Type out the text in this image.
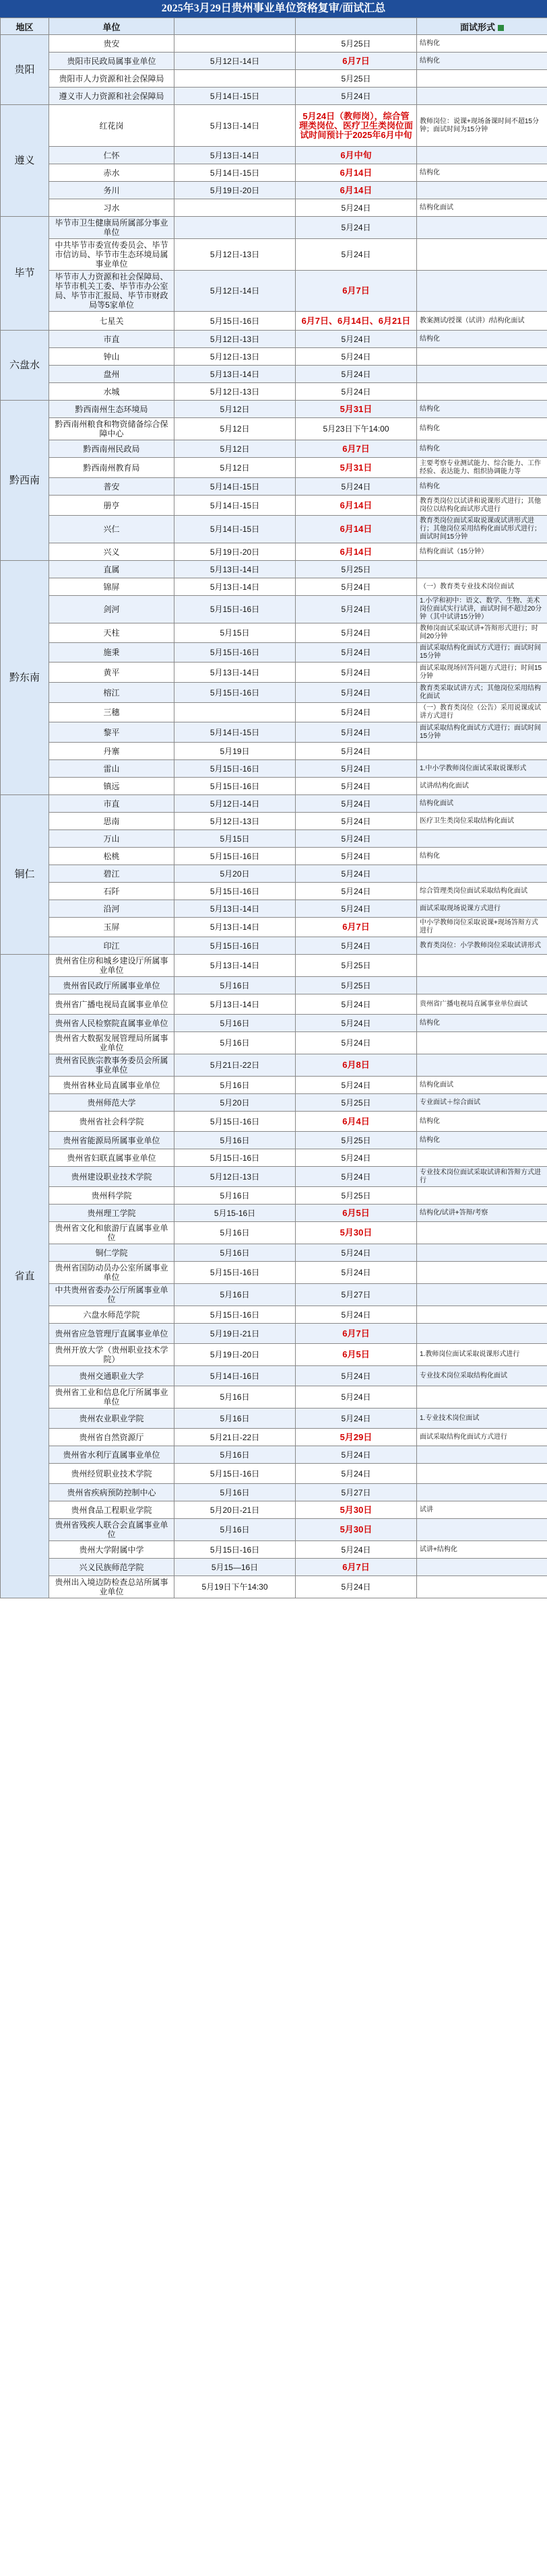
2025年3月29日贵州事业单位资格复审/面试汇总
地区	单位			面试形式
贵阳	贵安		5月25日	结构化
	贵阳市民政局属事业单位	5月12日-14日	6月7日	结构化
	贵阳市人力资源和社会保障局		5月25日	
	遵义市人力资源和社会保障局	5月14日-15日	5月24日	
遵义	红花岗	5月13日-14日	5月24日（教师岗），综合管理类岗位、医疗卫生类岗位面试时间预计于2025年6月中旬	教师岗位：说课+现场备课时间不超15分钟；面试时间为15分钟
	仁怀	5月13日-14日	6月中旬	
	赤水	5月14日-15日	6月14日	结构化
	务川	5月19日-20日	6月14日	
	习水		5月24日	结构化面试
毕节	毕节市卫生健康局所属部分事业单位		5月24日	
	中共毕节市委宣传委员会、毕节市信访局、毕节市生态环境局属事业单位	5月12日-13日	5月24日	
	毕节市人力资源和社会保障局、毕节市机关工委、毕节市办公室局、毕节市汇报局、毕节市财政局等5家单位	5月12日-14日	6月7日	
	七星关	5月15日-16日	6月7日、6月14日、6月21日	教案测试/授课（试讲）/结构化面试
六盘水	市直	5月12日-13日	5月24日	结构化
	钟山	5月12日-13日	5月24日	
	盘州	5月13日-14日	5月24日	
	水城	5月12日-13日	5月24日	
黔西南	黔西南州生态环境局	5月12日	5月31日	结构化
	黔西南州粮食和物资储备综合保障中心	5月12日	5月23日下午14:00	结构化
	黔西南州民政局	5月12日	6月7日	结构化
	黔西南州教育局	5月12日	5月31日	主要考察专业测试能力、综合能力、工作经验、表达能力、组织协调能力等
	普安	5月14日-15日	5月24日	结构化
	册亨	5月14日-15日	6月14日	教育类岗位以试讲和说课形式进行；其他岗位以结构化面试形式进行
	兴仁	5月14日-15日	6月14日	教育类岗位面试采取说课或试讲形式进行；其他岗位采用结构化面试形式进行；面试时间15分钟
	兴义	5月19日-20日	6月14日	结构化面试（15分钟）
黔东南	直属	5月13日-14日	5月25日	
	锦屏	5月13日-14日	5月24日	（一）教育类专业技术岗位面试
	剑河	5月15日-16日	5月24日	1.小学和初中：语文、数学、生物、美术岗位面试实行试讲，面试时间不超过20分钟（其中试讲15分钟）
	天柱	5月15日	5月24日	教师岗面试采取试讲+答辩形式进行；时间20分钟
	施秉	5月15日-16日	5月24日	面试采取结构化面试方式进行；面试时间15分钟
	黄平	5月13日-14日	5月24日	面试采取现场回答问题方式进行；时间15分钟
	榕江	5月15日-16日	5月24日	教育类采取试讲方式；其他岗位采用结构化面试
	三穗		5月24日	（一）教育类岗位（公告）采用说课或试讲方式进行
	黎平	5月14日-15日	5月24日	面试采取结构化面试方式进行；面试时间15分钟
	丹寨	5月19日	5月24日	
	雷山	5月15日-16日	5月24日	1.中小学教师岗位面试采取说课形式
	镇远	5月15日-16日	5月24日	试讲/结构化面试
铜仁	市直	5月12日-14日	5月24日	结构化面试
	思南	5月12日-13日	5月24日	医疗卫生类岗位采取结构化面试
	万山	5月15日	5月24日	
	松桃	5月15日-16日	5月24日	结构化
	碧江	5月20日	5月24日	
	石阡	5月15日-16日	5月24日	综合管理类岗位面试采取结构化面试
	沿河	5月13日-14日	5月24日	面试采取现场说课方式进行
	玉屏	5月13日-14日	6月7日	中小学教师岗位采取说课+现场答辩方式进行
	印江	5月15日-16日	5月24日	教育类岗位：小学教师岗位采取试讲形式
省直	贵州省住房和城乡建设厅所属事业单位	5月13日-14日	5月25日	
	贵州省民政厅所属事业单位	5月16日	5月25日	
	贵州省广播电视局直属事业单位	5月13日-14日	5月24日	贵州省广播电视局直属事业单位面试
	贵州省人民检察院直属事业单位	5月16日	5月24日	结构化
	贵州省大数据发展管理局所属事业单位	5月16日	5月24日	
	贵州省民族宗教事务委员会所属事业单位	5月21日-22日	6月8日	
	贵州省林业局直属事业单位	5月16日	5月24日	结构化面试
	贵州师范大学	5月20日	5月25日	专业面试＋综合面试
	贵州省社会科学院	5月15日-16日	6月4日	结构化
	贵州省能源局所属事业单位	5月16日	5月25日	结构化
	贵州省妇联直属事业单位	5月15日-16日	5月24日	
	贵州建设职业技术学院	5月12日-13日	5月24日	专业技术岗位面试采取试讲和答辩方式进行
	贵州科学院	5月16日	5月25日	
	贵州理工学院	5月15-16日	6月5日	结构化/试讲+答辩/考察
	贵州省文化和旅游厅直属事业单位	5月16日	5月30日	
	铜仁学院	5月16日	5月24日	
	贵州省国防动员办公室所属事业单位	5月15日-16日	5月24日	
	中共贵州省委办公厅所属事业单位	5月16日	5月27日	
	六盘水师范学院	5月15日-16日	5月24日	
	贵州省应急管理厅直属事业单位	5月19日-21日	6月7日	
	贵州开放大学（贵州职业技术学院）	5月19日-20日	6月5日	1.教师岗位面试采取说课形式进行
	贵州交通职业大学	5月14日-16日	5月24日	专业技术岗位采取结构化面试
	贵州省工业和信息化厅所属事业单位	5月16日	5月24日	
	贵州农业职业学院	5月16日	5月24日	1.专业技术岗位面试
	贵州省自然资源厅	5月21日-22日	5月29日	面试采取结构化面试方式进行
	贵州省水利厅直属事业单位	5月16日	5月24日	
	贵州经贸职业技术学院	5月15日-16日	5月24日	
	贵州省疾病预防控制中心	5月16日	5月27日	
	贵州食品工程职业学院	5月20日-21日	5月30日	试讲
	贵州省残疾人联合会直属事业单位	5月16日	5月30日	
	贵州大学附属中学	5月15日-16日	5月24日	试讲+结构化
	兴义民族师范学院	5月15—16日	6月7日	
	贵州出入境边防检查总站所属事业单位	5月19日下午14:30	5月24日	
